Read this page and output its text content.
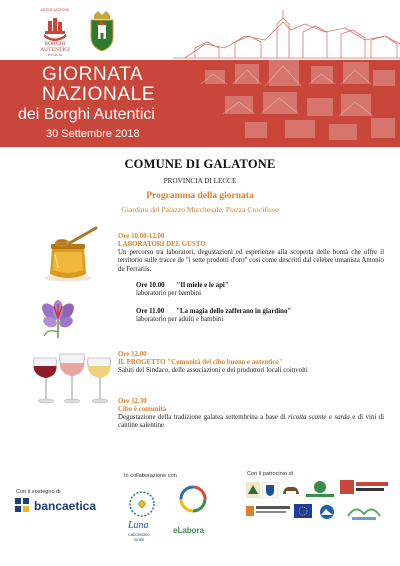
ASSOCIAZIONE
BORGHI
AUTENTICI
D'ITALIA
GIORNATA
NAZIONALE
dei Borghi Autentici
30 Settembre 2018
COMUNE DI GALATONE
PROVINCIA DI LECCE
Programma della giornata
Giardino del Palazzo Marchesale, Piazza Crocifisso
Ore 10.00-12.00
LABORATORI DEL GUSTO
Un percorso tra laboratori, degustazioni ed esperienze alla scoperta delle bontà che offre il territorio sulle tracce de "i sette prodotti d'oro" così come descritti dal celebre umanista Antonio de Ferrariis.
Ore 10.00 "Il miele e le api"
laboratorio per bambini
Ore 11.00 "La magia dello zafferano in giardino"
laboratorio per adulti e bambini
Ore 12.00
IL PROGETTO "Comunità del cibo buono e autentico"
Saluti del Sindaco, delle associazioni e dei produttori locali coinvolti
Ore 12.30
Cibo è comunità
Degustazione della tradizione galatea settembrina a base di ricotta scante e sarda e di vini di cantine salentine
Con il sostegno di
bancaetica
In collaborazione con
Luna
Laboratorio
rurale
eLabora
Con il patrocinio di
